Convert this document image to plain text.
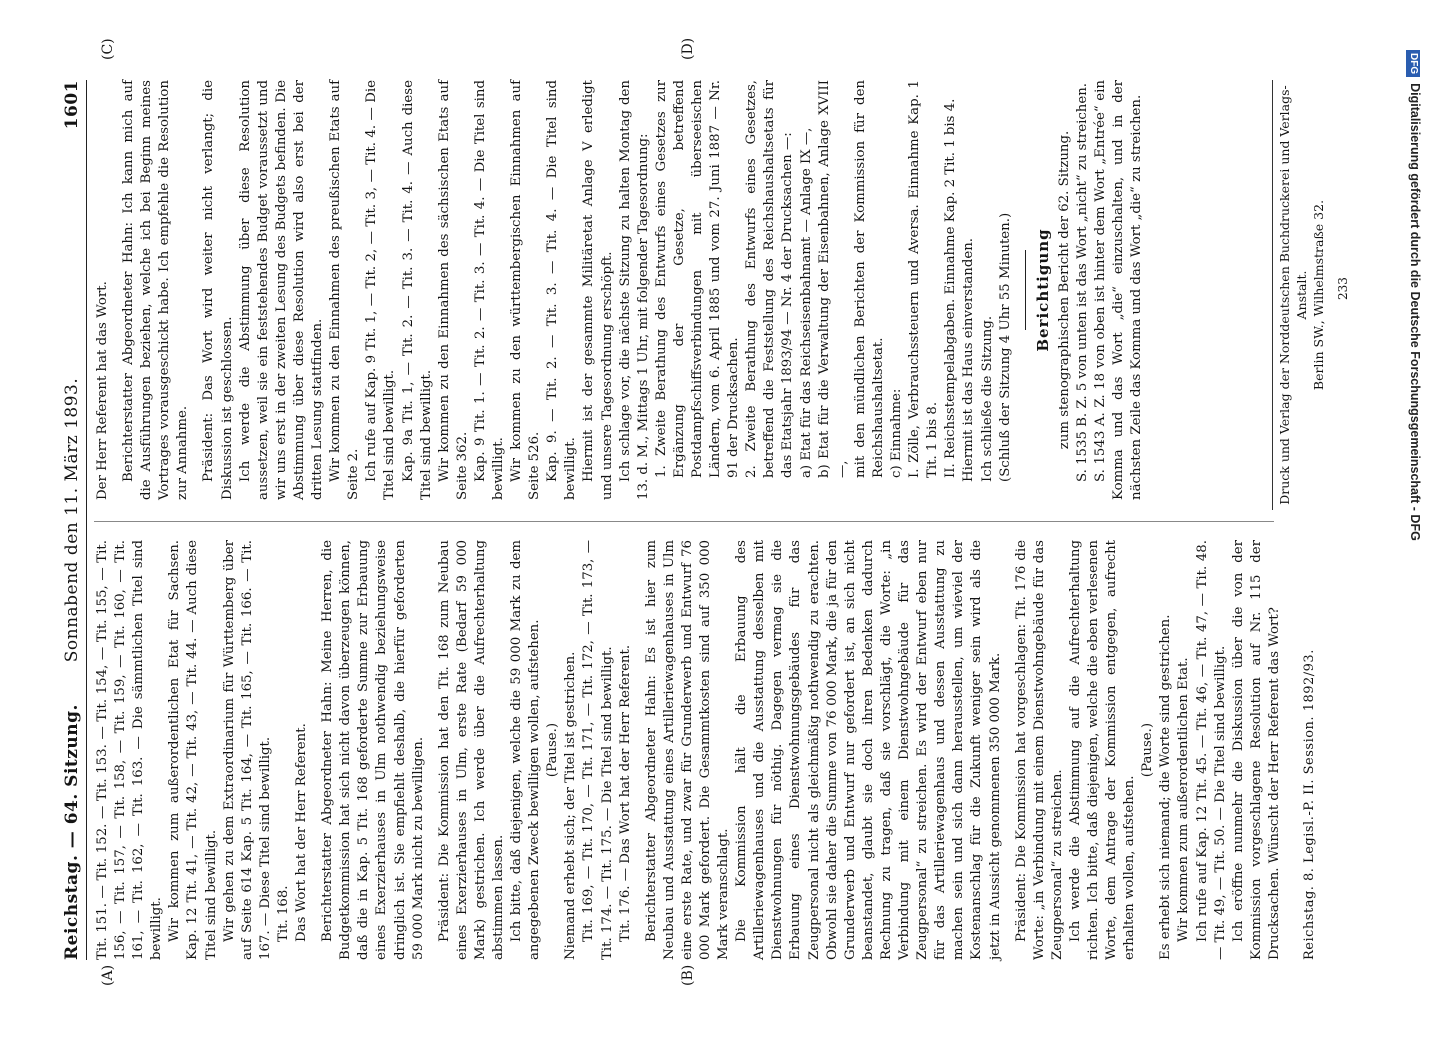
Reichstag. — 64. Sitzung.
Sonnabend den 11. März 1893.
1601
(A)	(B)
(C)	(D)

Tit. 151. — Tit. 152. — Tit. 153. — Tit. 154, — Tit. 155, — Tit. 156, — Tit. 157, — Tit. 158, — Tit. 159, — Tit. 160, — Tit. 161, — Tit. 162, — Tit. 163. — Die sämmtlichen Titel sind bewilligt. Wir kommen zum außerordentlichen Etat für Sachsen. Kap. 12 Tit. 41, — Tit. 42, — Tit. 43, — Tit. 44. — Auch diese Titel sind bewilligt. Wir gehen zu dem Extraordinarium für Württemberg über auf Seite 614 Kap. 5 Tit. 164, — Tit. 165, — Tit. 166. — Tit. 167. — Diese Titel sind bewilligt. Tit. 168. Das Wort hat der Herr Referent. Berichterstatter Abgeordneter Hahn: Meine Herren, die Budgetkommission hat sich nicht davon überzeugen können, daß die in Kap. 5 Tit. 168 geforderte Summe zur Erbauung eines Exerzierhauses in Ulm nothwendig beziehungsweise dringlich ist. Sie empfiehlt deshalb, die hierfür geforderten 59 000 Mark nicht zu bewilligen. Präsident: Die Kommission hat den Tit. 168 zum Neubau eines Exerzierhauses in Ulm, erste Rate (Bedarf 59 000 Mark) gestrichen. Ich werde über die Aufrechterhaltung abstimmen lassen. Ich bitte, daß diejenigen, welche die 59 000 Mark zu dem angegebenen Zweck bewilligen wollen, aufstehen. (Pause.) Niemand erhebt sich; der Titel ist gestrichen. Tit. 169, — Tit. 170, — Tit. 171, — Tit. 172, — Tit. 173, — Tit. 174. — Tit. 175. — Die Titel sind bewilligt. Tit. 176. — Das Wort hat der Herr Referent. Berichterstatter Abgeordneter Hahn: Es ist hier zum Neubau und Ausstattung eines Artilleriewagenhauses in Ulm eine erste Rate, und zwar für Grunderwerb und Entwurf 76 000 Mark gefordert. Die Gesammtkosten sind auf 350 000 Mark veranschlagt. Die Kommission hält die Erbauung des Artilleriewagenhauses und die Ausstattung desselben mit Dienstwohnungen für nöthig. Dagegen vermag sie die Erbauung eines Dienstwohnungsgebäudes für das Zeugpersonal nicht als gleichmäßig nothwendig zu erachten. Obwohl sie daher die Summe von 76 000 Mark, die ja für den Grunderwerb und Entwurf nur gefordert ist, an sich nicht beanstandet, glaubt sie doch ihren Bedenken dadurch Rechnung zu tragen, daß sie vorschlägt, die Worte: „in Verbindung mit einem Dienstwohngebäude für das Zeugpersonal“ zu streichen. Es wird der Entwurf eben nur für das Artilleriewagenhaus und dessen Ausstattung zu machen sein und sich dann herausstellen, um wieviel der Kostenanschlag für die Zukunft weniger sein wird als die jetzt in Aussicht genommenen 350 000 Mark. Präsident: Die Kommission hat vorgeschlagen: Tit. 176 die Worte: „in Verbindung mit einem Dienstwohngebäude für das Zeugpersonal“ zu streichen. Ich werde die Abstimmung auf die Aufrechterhaltung richten. Ich bitte, daß diejenigen, welche die eben verlesenen Worte, dem Antrage der Kommission entgegen, aufrecht erhalten wollen, aufstehen.

(Pause.) Es erhebt sich niemand; die Worte sind gestrichen. Wir kommen zum außerordentlichen Etat. Ich rufe auf Kap. 12 Tit. 45. — Tit. 46, — Tit. 47, — Tit. 48. — Tit. 49, — Tit. 50. — Die Titel sind bewilligt. Ich eröffne nunmehr die Diskussion über die von der Kommission vorgeschlagene Resolution auf Nr. 115 der Drucksachen. Wünscht der Herr Referent das Wort?

Der Herr Referent hat das Wort. Berichterstatter Abgeordneter Hahn: Ich kann mich auf die Ausführungen beziehen, welche ich bei Beginn meines Vortrages vorausgeschickt habe. Ich empfehle die Resolution zur Annahme. Präsident: Das Wort wird weiter nicht verlangt; die Diskussion ist geschlossen. Ich werde die Abstimmung über diese Resolution aussetzen, weil sie ein feststehendes Budget voraussetzt und wir uns erst in der zweiten Lesung des Budgets befinden. Die Abstimmung über diese Resolution wird also erst bei der dritten Lesung stattfinden. Wir kommen zu den Einnahmen des preußischen Etats auf Seite 2. Ich rufe auf Kap. 9 Tit. 1, — Tit. 2, — Tit. 3, — Tit. 4. — Die Titel sind bewilligt. Kap. 9a Tit. 1, — Tit. 2. — Tit. 3. — Tit. 4. — Auch diese Titel sind bewilligt. Wir kommen zu den Einnahmen des sächsischen Etats auf Seite 362. Kap. 9 Tit. 1. — Tit. 2. — Tit. 3. — Tit. 4. — Die Titel sind bewilligt. Wir kommen zu den württembergischen Einnahmen auf Seite 526. Kap. 9. — Tit. 2. — Tit. 3. — Tit. 4. — Die Titel sind bewilligt. Hiermit ist der gesammte Militäretat Anlage V erledigt und unsere Tagesordnung erschöpft. Ich schlage vor, die nächste Sitzung zu halten Montag den 13. d. M., Mittags 1 Uhr, mit folgender Tagesordnung: 1. Zweite Berathung des Entwurfs eines Gesetzes zur Ergänzung der Gesetze, betreffend Postdampfschiffsverbindungen mit überseeischen Ländern, vom 6. April 1885 und vom 27. Juni 1887 — Nr. 91 der Drucksachen. 2. Zweite Berathung des Entwurfs eines Gesetzes, betreffend die Feststellung des Reichshaushaltsetats für das Etatsjahr 1893/94 — Nr. 4 der Drucksachen —: a) Etat für das Reichseisenbahnamt — Anlage IX —, b) Etat für die Verwaltung der Eisenbahnen, Anlage XVIII —, mit den mündlichen Berichten der Kommission für den Reichshaushaltsetat. c) Einnahme: I. Zölle, Verbrauchssteuern und Aversa. Einnahme Kap. 1 Tit. 1 bis 8. II. Reichsstempelabgaben. Einnahme Kap. 2 Tit. 1 bis 4. Hiermit ist das Haus einverstanden. Ich schließe die Sitzung. (Schluß der Sitzung 4 Uhr 55 Minuten.) Berichtigung zum stenographischen Bericht der 62. Sitzung. S. 1535 B. Z. 5 von unten ist das Wort „nicht“ zu streichen. S. 1543 A. Z. 18 von oben ist hinter dem Wort „Entrée“ ein Komma und das Wort „die“ einzuschalten, und in der nächsten Zeile das Komma und das Wort „die“ zu streichen.

Reichstag. 8. Legisl.-P. II. Session. 1892/93.
Druck und Verlag der Norddeutschen Buchdruckerei und Verlags-Anstalt. Berlin SW., Wilhelmstraße 32. 233
DFGDigitalisierung gefördert durch die Deutsche Forschungsgemeinschaft - DFG
